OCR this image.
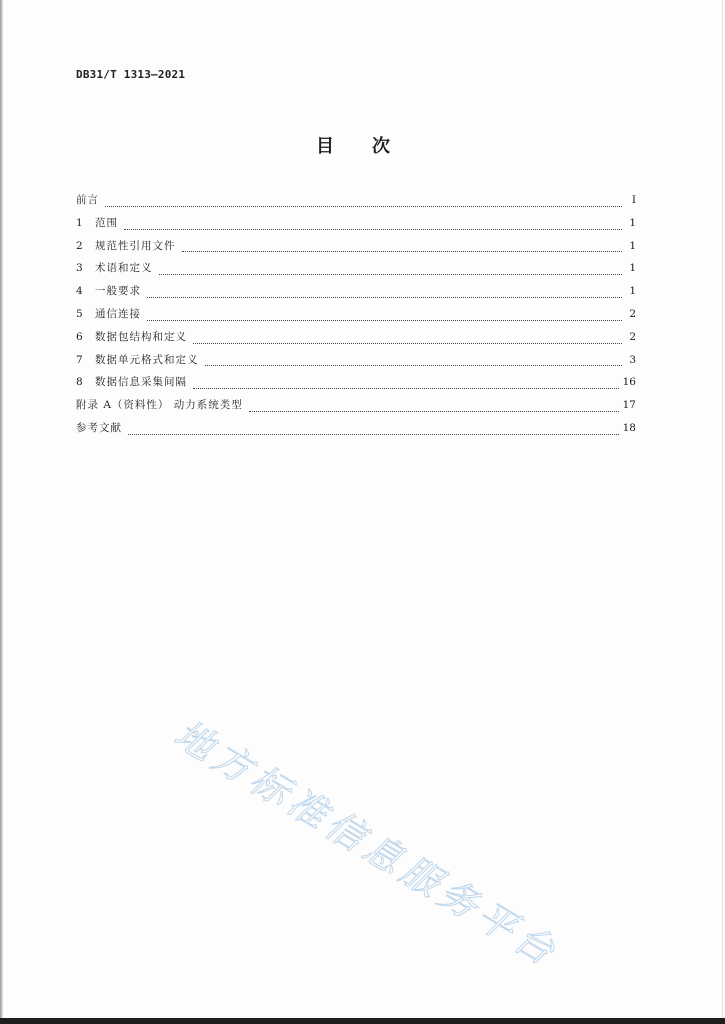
DB31/T 1313—2021
目 次
前言	I
1	范围	1
2	规范性引用文件	1
3	术语和定义	1
4	一般要求	1
5	通信连接	2
6	数据包结构和定义	2
7	数据单元格式和定义	3
8	数据信息采集间隔	16
附录 A（资料性） 动力系统类型	17
参考文献	18
地方标准信息服务平台
